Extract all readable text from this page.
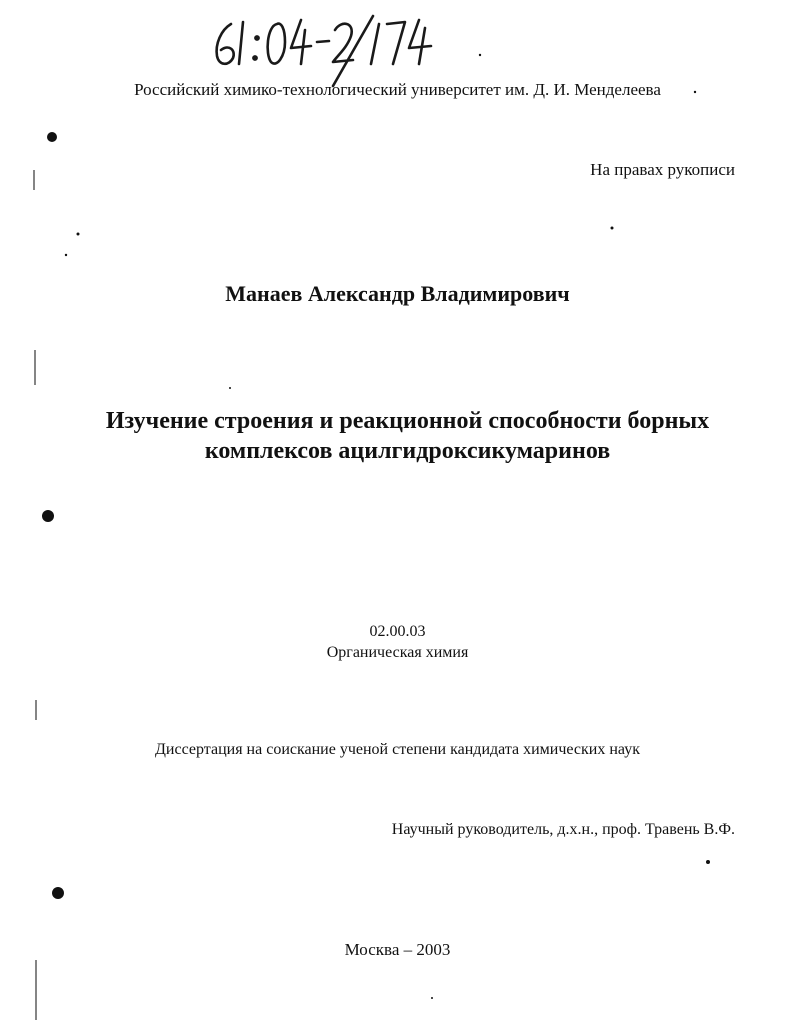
Российский химико-технологический университет им. Д. И. Менделеева
На правах рукописи
Манаев Александр Владимирович
Изучение строения и реакционной способности борных
комплексов ацилгидроксикумаринов
02.00.03
Органическая химия
Диссертация на соискание ученой степени кандидата химических наук
Научный руководитель, д.х.н., проф. Травень В.Ф.
Москва – 2003
